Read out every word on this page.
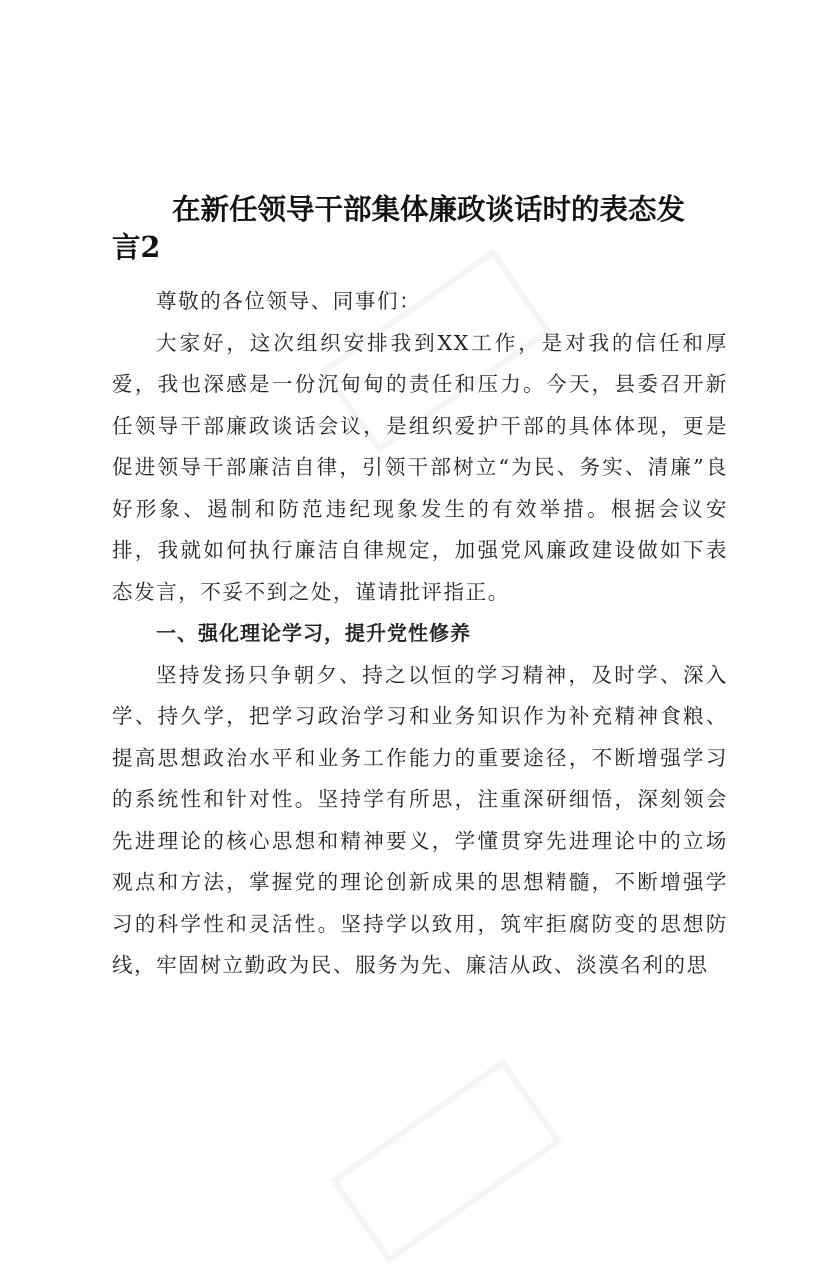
在新任领导干部集体廉政谈话时的表态发
言2

尊敬的各位领导、同事们：

大家好，这次组织安排我到XX工作，是对我的信任和厚爱，我也深感是一份沉甸甸的责任和压力。今天，县委召开新任领导干部廉政谈话会议，是组织爱护干部的具体体现，更是促进领导干部廉洁自律，引领干部树立“为民、务实、清廉”良好形象、遏制和防范违纪现象发生的有效举措。根据会议安排，我就如何执行廉洁自律规定，加强党风廉政建设做如下表态发言，不妥不到之处，谨请批评指正。

一、强化理论学习，提升党性修养

坚持发扬只争朝夕、持之以恒的学习精神，及时学、深入学、持久学，把学习政治学习和业务知识作为补充精神食粮、提高思想政治水平和业务工作能力的重要途径，不断增强学习的系统性和针对性。坚持学有所思，注重深研细悟，深刻领会先进理论的核心思想和精神要义，学懂贯穿先进理论中的立场观点和方法，掌握党的理论创新成果的思想精髓，不断增强学习的科学性和灵活性。坚持学以致用，筑牢拒腐防变的思想防线，牢固树立勤政为民、服务为先、廉洁从政、淡漠名利的思
